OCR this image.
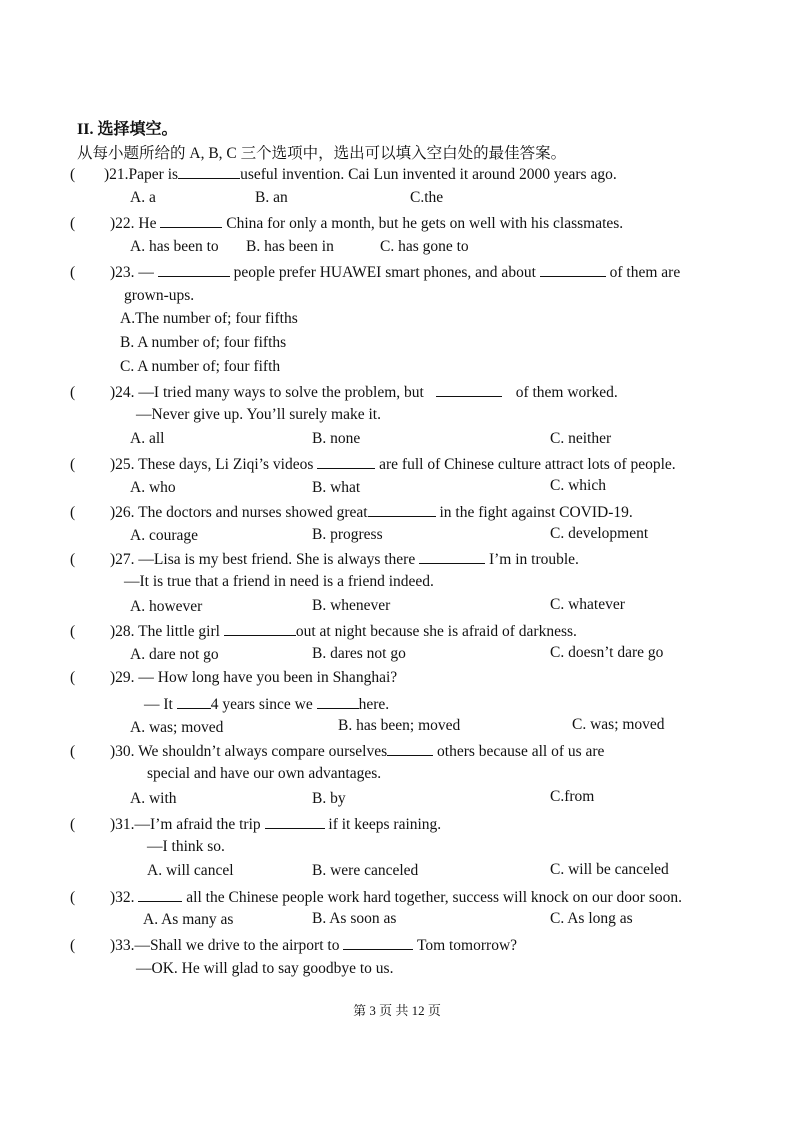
II. 选择填空。
从每小题所给的 A, B, C 三个选项中，选出可以填入空白处的最佳答案。
( )21.Paper is	useful invention. Cai Lun invented it around 2000 years ago.
A. a	B. an	C.the
( )22. He	China for only a month, but he gets on well with his classmates.
A. has been to B. has been in	C. has gone to
( )23. —	people prefer HUAWEI smart phones, and about	of them are
grown-ups.
A.The number of; four fifths
B. A number of; four fifths
C. A number of; four fifth
( )24. —I tried many ways to solve the problem, but	of them worked.
—Never give up. You’ll surely make it.
A. all	B. none	C. neither
( )25. These days, Li Ziqi’s videos	are full of Chinese culture attract lots of people.
A. who	B. what	C. which
( )26. The doctors and nurses showed great	in the fight against COVID-19.
A. courage	B. progress	C. development
( )27. —Lisa is my best friend. She is always there	I’m in trouble.
—It is true that a friend in need is a friend indeed.
A. however	B. whenever	C. whatever
( )28. The little girl	out at night because she is afraid of darkness.
A. dare not go	B. dares not go	C. doesn’t dare go
( )29. — How long have you been in Shanghai?
— It 4 years since we	here.
A. was; moved	B. has been; moved	C. was; moved
( )30. We shouldn’t always compare ourselves	others because all of us are
special and have our own advantages.
A. with	B. by	C.from
( )31.—I’m afraid the trip	if it keeps raining.
—I think so.
A. will cancel	B. were canceled	C. will be canceled
( )32.	all the Chinese people work hard together, success will knock on our door soon.
A. As many as	B. As soon as	C. As long as
( )33.—Shall we drive to the airport to	Tom tomorrow?
—OK. He will glad to say goodbye to us.
第 3 页 共 12 页
